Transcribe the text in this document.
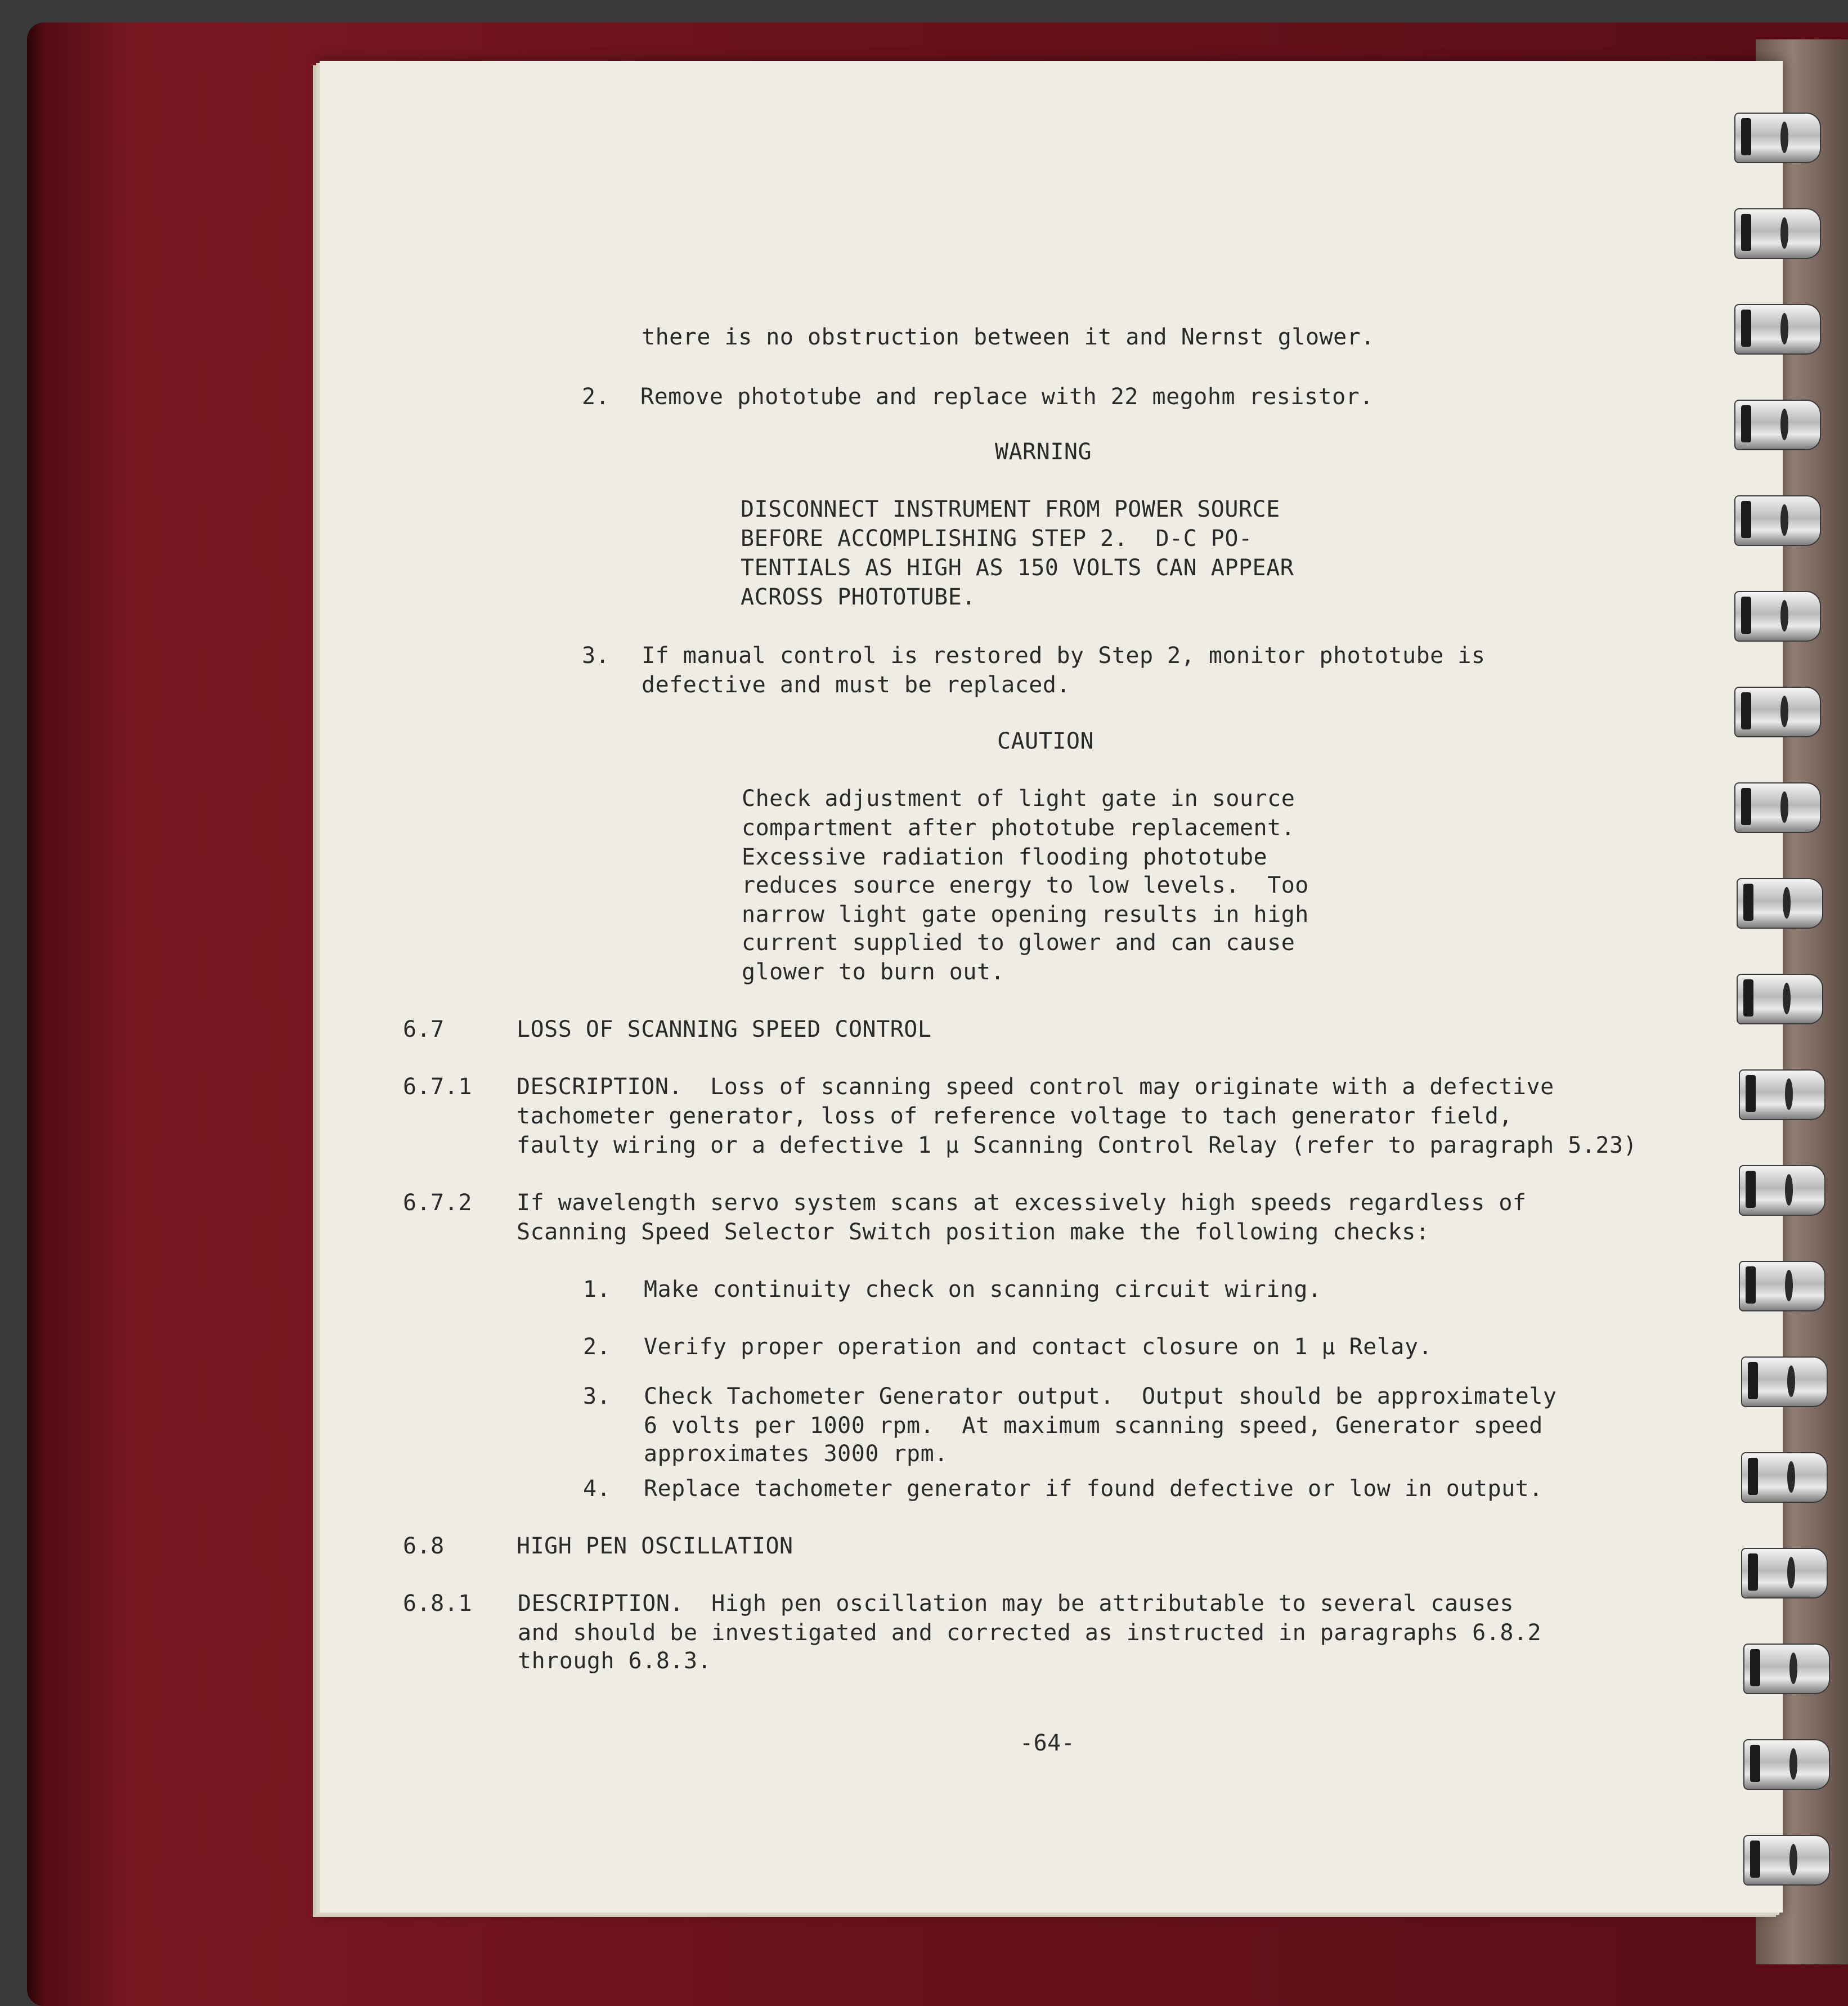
there is no obstruction between it and Nernst glower.
2. Remove phototube and replace with 22 megohm resistor.
WARNING
DISCONNECT INSTRUMENT FROM POWER SOURCE
BEFORE ACCOMPLISHING STEP 2.  D-C PO-
TENTIALS AS HIGH AS 150 VOLTS CAN APPEAR
ACROSS PHOTOTUBE.
3. If manual control is restored by Step 2, monitor phototube is
defective and must be replaced.
CAUTION
Check adjustment of light gate in source
compartment after phototube replacement.
Excessive radiation flooding phototube
reduces source energy to low levels.  Too
narrow light gate opening results in high
current supplied to glower and can cause
glower to burn out.
6.7	LOSS OF SCANNING SPEED CONTROL
6.7.1 DESCRIPTION.  Loss of scanning speed control may originate with a defective
tachometer generator, loss of reference voltage to tach generator field,
faulty wiring or a defective 1 μ Scanning Control Relay (refer to paragraph 5.23)
6.7.2 If wavelength servo system scans at excessively high speeds regardless of
Scanning Speed Selector Switch position make the following checks:
1. Make continuity check on scanning circuit wiring.
2. Verify proper operation and contact closure on 1 μ Relay.
3. Check Tachometer Generator output.  Output should be approximately
6 volts per 1000 rpm.  At maximum scanning speed, Generator speed
approximates 3000 rpm.
4. Replace tachometer generator if found defective or low in output.
6.8	HIGH PEN OSCILLATION
6.8.1 DESCRIPTION.  High pen oscillation may be attributable to several causes
and should be investigated and corrected as instructed in paragraphs 6.8.2
through 6.8.3.
-64-
